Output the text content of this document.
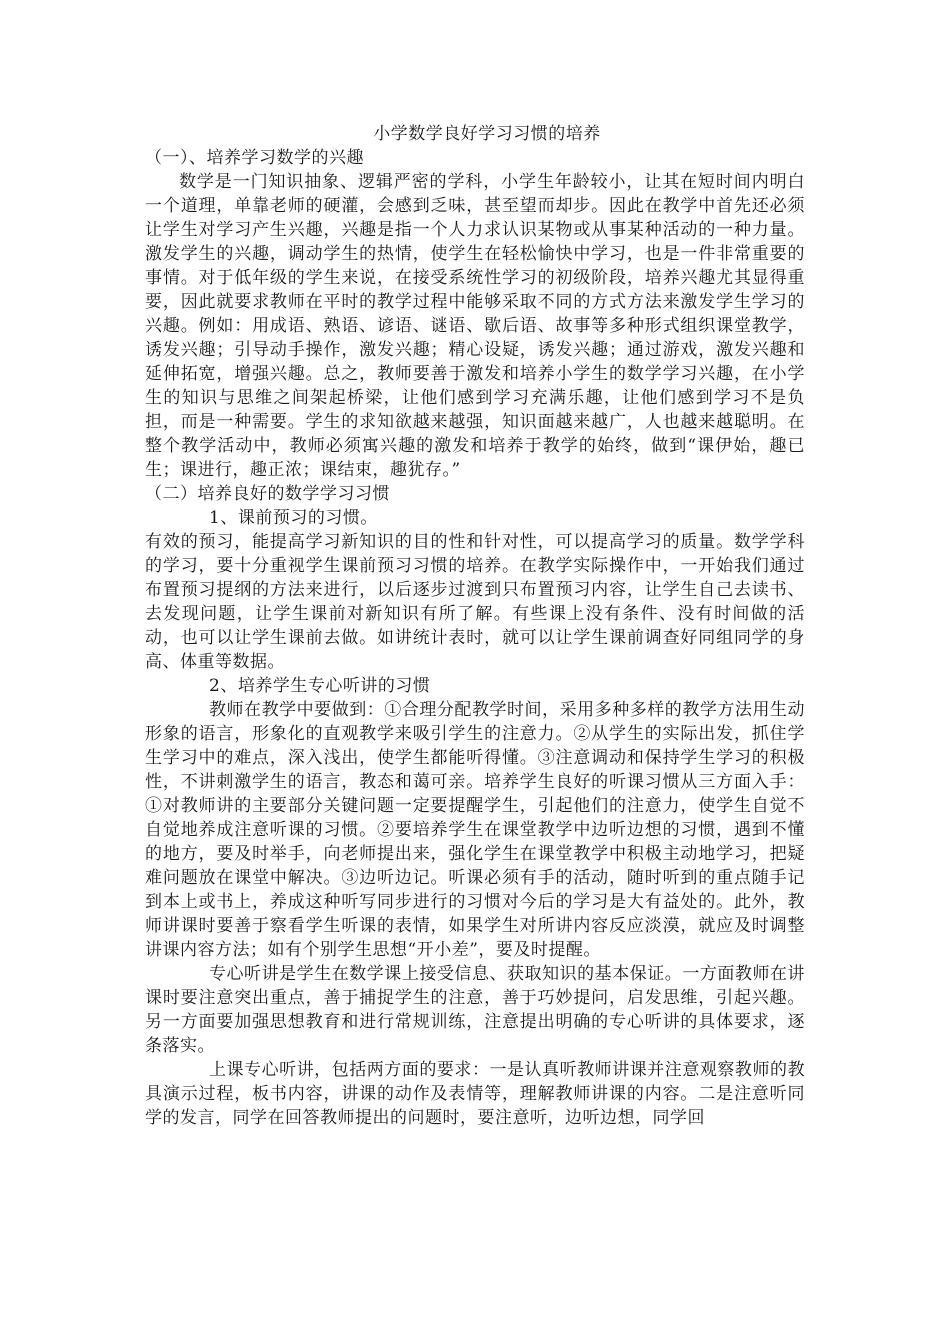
小学数学良好学习习惯的培养

（一）、培养学习数学的兴趣

数学是一门知识抽象、逻辑严密的学科，小学生年龄较小，让其在短时间内明白一个道理，单靠老师的硬灌，会感到乏味，甚至望而却步。因此在教学中首先还必须让学生对学习产生兴趣，兴趣是指一个人力求认识某物或从事某种活动的一种力量。激发学生的兴趣，调动学生的热情，使学生在轻松愉快中学习，也是一件非常重要的事情。对于低年级的学生来说，在接受系统性学习的初级阶段，培养兴趣尤其显得重要，因此就要求教师在平时的教学过程中能够采取不同的方式方法来激发学生学习的兴趣。例如：用成语、熟语、谚语、谜语、歇后语、故事等多种形式组织课堂教学，诱发兴趣；引导动手操作，激发兴趣；精心设疑，诱发兴趣；通过游戏，激发兴趣和延伸拓宽，增强兴趣。总之，教师要善于激发和培养小学生的数学学习兴趣，在小学生的知识与思维之间架起桥梁，让他们感到学习充满乐趣，让他们感到学习不是负担，而是一种需要。学生的求知欲越来越强，知识面越来越广，人也越来越聪明。在整个教学活动中，教师必须寓兴趣的激发和培养于教学的始终，做到“课伊始，趣已生；课进行，趣正浓；课结束，趣犹存。”

（二）培养良好的数学学习习惯

1、课前预习的习惯。

有效的预习，能提高学习新知识的目的性和针对性，可以提高学习的质量。数学学科的学习，要十分重视学生课前预习习惯的培养。在教学实际操作中，一开始我们通过布置预习提纲的方法来进行，以后逐步过渡到只布置预习内容，让学生自己去读书、去发现问题，让学生课前对新知识有所了解。有些课上没有条件、没有时间做的活动，也可以让学生课前去做。如讲统计表时，就可以让学生课前调查好同组同学的身高、体重等数据。

2、培养学生专心听讲的习惯

教师在教学中要做到：①合理分配教学时间，采用多种多样的教学方法用生动形象的语言，形象化的直观教学来吸引学生的注意力。②从学生的实际出发，抓住学生学习中的难点，深入浅出，使学生都能听得懂。③注意调动和保持学生学习的积极性，不讲刺激学生的语言，教态和蔼可亲。培养学生良好的听课习惯从三方面入手：①对教师讲的主要部分关键问题一定要提醒学生，引起他们的注意力，使学生自觉不自觉地养成注意听课的习惯。②要培养学生在课堂教学中边听边想的习惯，遇到不懂的地方，要及时举手，向老师提出来，强化学生在课堂教学中积极主动地学习，把疑难问题放在课堂中解决。③边听边记。听课必须有手的活动，随时听到的重点随手记到本上或书上，养成这种听写同步进行的习惯对今后的学习是大有益处的。此外，教师讲课时要善于察看学生听课的表情，如果学生对所讲内容反应淡漠，就应及时调整讲课内容方法；如有个别学生思想“开小差”，要及时提醒。

专心听讲是学生在数学课上接受信息、获取知识的基本保证。一方面教师在讲课时要注意突出重点，善于捕捉学生的注意，善于巧妙提问，启发思维，引起兴趣。另一方面要加强思想教育和进行常规训练，注意提出明确的专心听讲的具体要求，逐条落实。

上课专心听讲，包括两方面的要求：一是认真听教师讲课并注意观察教师的教具演示过程，板书内容，讲课的动作及表情等，理解教师讲课的内容。二是注意听同学的发言，同学在回答教师提出的问题时，要注意听，边听边想，同学回
